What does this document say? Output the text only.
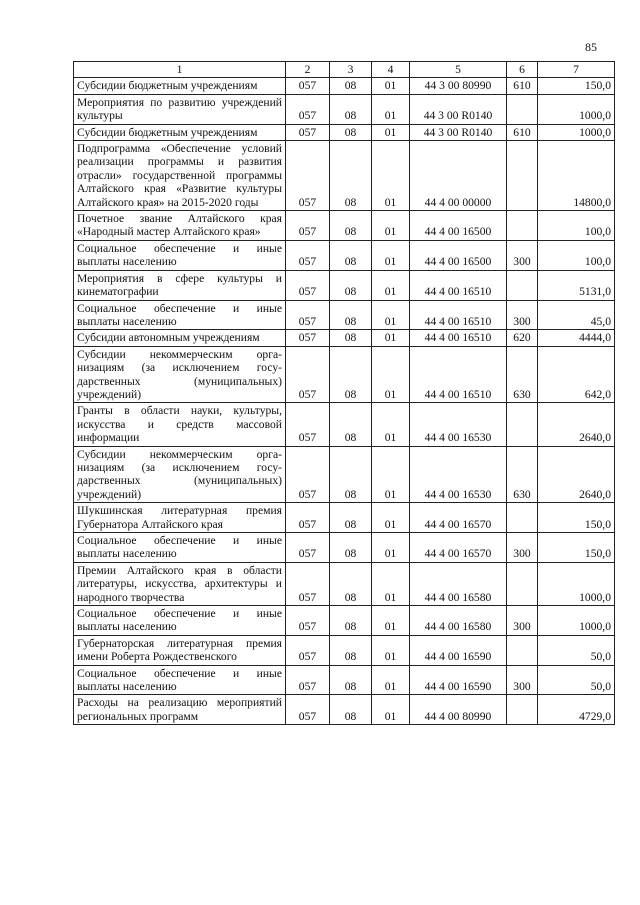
85
1	2	3	4	5	6	7
Субсидии бюджетным учреждениям	057	08	01	44 3 00 80990	610	150,0
Мероприятия по развитию учреждений культуры	057	08	01	44 3 00 R0140		1000,0
Субсидии бюджетным учреждениям	057	08	01	44 3 00 R0140	610	1000,0
Подпрограмма «Обеспечение условий реализации программы и развития отрасли» государственной программы Алтайского края «Развитие культуры Алтайского края» на 2015-2020 годы	057	08	01	44 4 00 00000		14800,0
Почетное звание Алтайского края «Народный мастер Алтайского края»	057	08	01	44 4 00 16500		100,0
Социальное обеспечение и иные выплаты населению	057	08	01	44 4 00 16500	300	100,0
Мероприятия в сфере культуры и кинематографии	057	08	01	44 4 00 16510		5131,0
Социальное обеспечение и иные выплаты населению	057	08	01	44 4 00 16510	300	45,0
Субсидии автономным учреждениям	057	08	01	44 4 00 16510	620	4444,0
Субсидии некоммерческим организациям (за исключением государственных (муниципальных) учреждений)	057	08	01	44 4 00 16510	630	642,0
Гранты в области науки, культуры, искусства и средств массовой информации	057	08	01	44 4 00 16530		2640,0
Субсидии некоммерческим организациям (за исключением государственных (муниципальных) учреждений)	057	08	01	44 4 00 16530	630	2640,0
Шукшинская литературная премия Губернатора Алтайского края	057	08	01	44 4 00 16570		150,0
Социальное обеспечение и иные выплаты населению	057	08	01	44 4 00 16570	300	150,0
Премии Алтайского края в области литературы, искусства, архитектуры и народного творчества	057	08	01	44 4 00 16580		1000,0
Социальное обеспечение и иные выплаты населению	057	08	01	44 4 00 16580	300	1000,0
Губернаторская литературная премия имени Роберта Рождественского	057	08	01	44 4 00 16590		50,0
Социальное обеспечение и иные выплаты населению	057	08	01	44 4 00 16590	300	50,0
Расходы на реализацию мероприятий региональных программ	057	08	01	44 4 00 80990		4729,0
